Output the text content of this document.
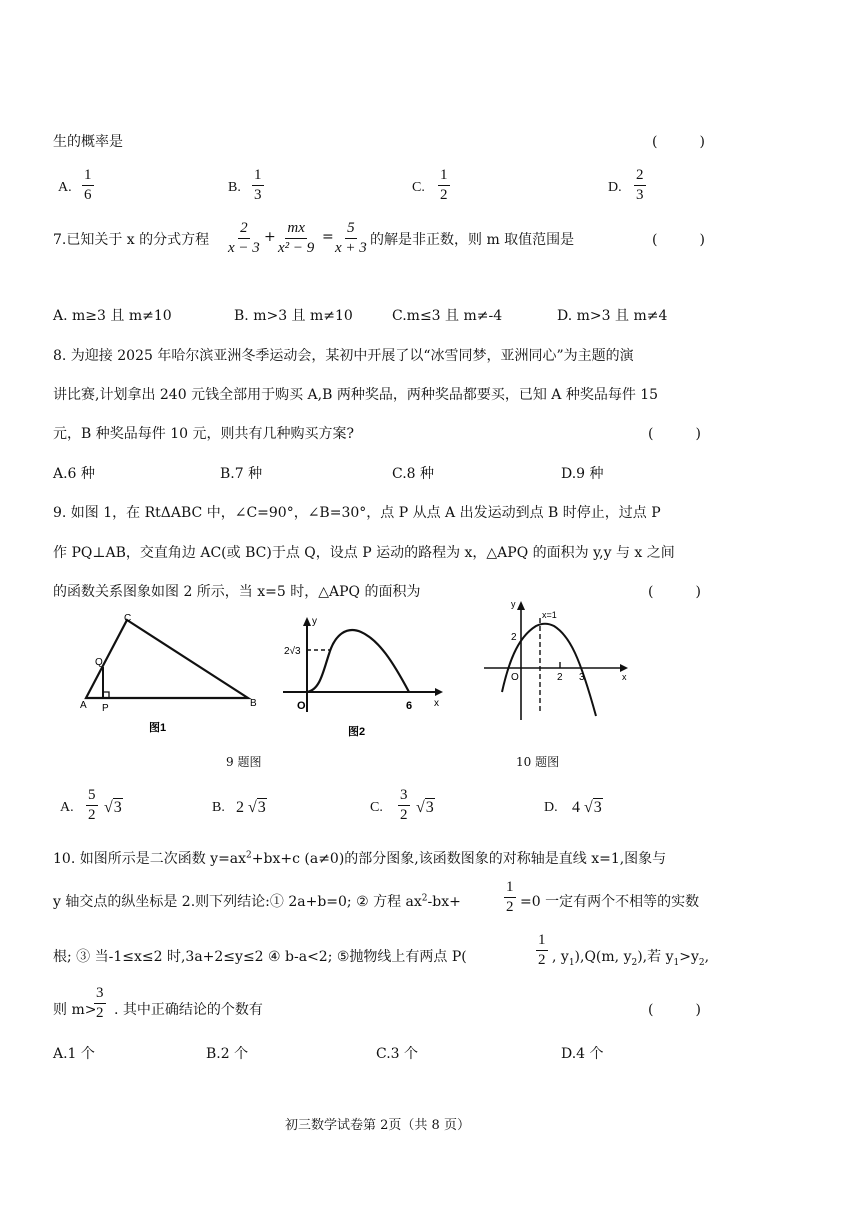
生的概率是	(　　　)
A. $\frac{1}{6}$	B. $\frac{1}{3}$	C. $\frac{1}{2}$	D. $\frac{2}{3}$
7.已知关于 x 的分式方程 $\frac{2}{x - 3} + \frac{mx}{\text{x² − 9}} = \frac{5}{x + 3}$ 的解是非正数，则 m 取值范围是	(　　　)
A. m≥3 且 m≠10	B. m>3 且 m≠10	C.m≤3 且 m≠-4	D. m>3 且 m≠4
8. 为迎接 2025 年哈尔滨亚洲冬季运动会，某初中开展了以“冰雪同梦，亚洲同心”为主题的演
讲比赛,计划拿出 240 元钱全部用于购买 A,B 两种奖品，两种奖品都要买，已知 A 种奖品每件 15
元，B 种奖品每件 10 元，则共有几种购买方案?	(　　　)
A.6 种	B.7 种	C.8 种	D.9 种
9. 如图 1，在 RtΔABC 中，∠C=90°，∠B=30°，点 P 从点 A 出发运动到点 B 时停止，过点 P
作 PQ⊥AB，交直角边 AC(或 BC)于点 Q，设点 P 运动的路程为 x，△APQ 的面积为 y,y 与 x 之间
的函数关系图象如图 2 所示，当 x=5 时，△APQ 的面积为	(　　　)
A P
Q
C
B
图1
2√3
y
x
O	6
图2
y
x
O
2
2 3
x=1
9 题图	10 题图
A. $\frac{5}{2} √3$	B. 2 √3	C. $\frac{3}{2} √3$	D. 4 √3
10. 如图所示是二次函数 $y=ax^2+bx+c$ (a≠0)的部分图象,该函数图象的对称轴是直线 x=1,图象与
y 轴交点的纵坐标是 2.则下列结论:① 2a+b=0; ② 方程 $ax^2-bx+$	$\frac{1}{2} =0$ 一定有两个不相等的实数
根; ③ 当-1≤x≤2 时,3a+2≤y≤2 ④ b-a<2; ⑤抛物线上有两点 P(	$\frac{1}{2}$ , $y_1),Q(m$, $y_2$),若 $y_1>y_2$,
则 m>
$\frac{3}{2}$ . 其中正确结论的个数有	(　　　)
A.1 个	B.2 个	C.3 个	D.4 个
初三数学试卷第 2页（共 8 页）
